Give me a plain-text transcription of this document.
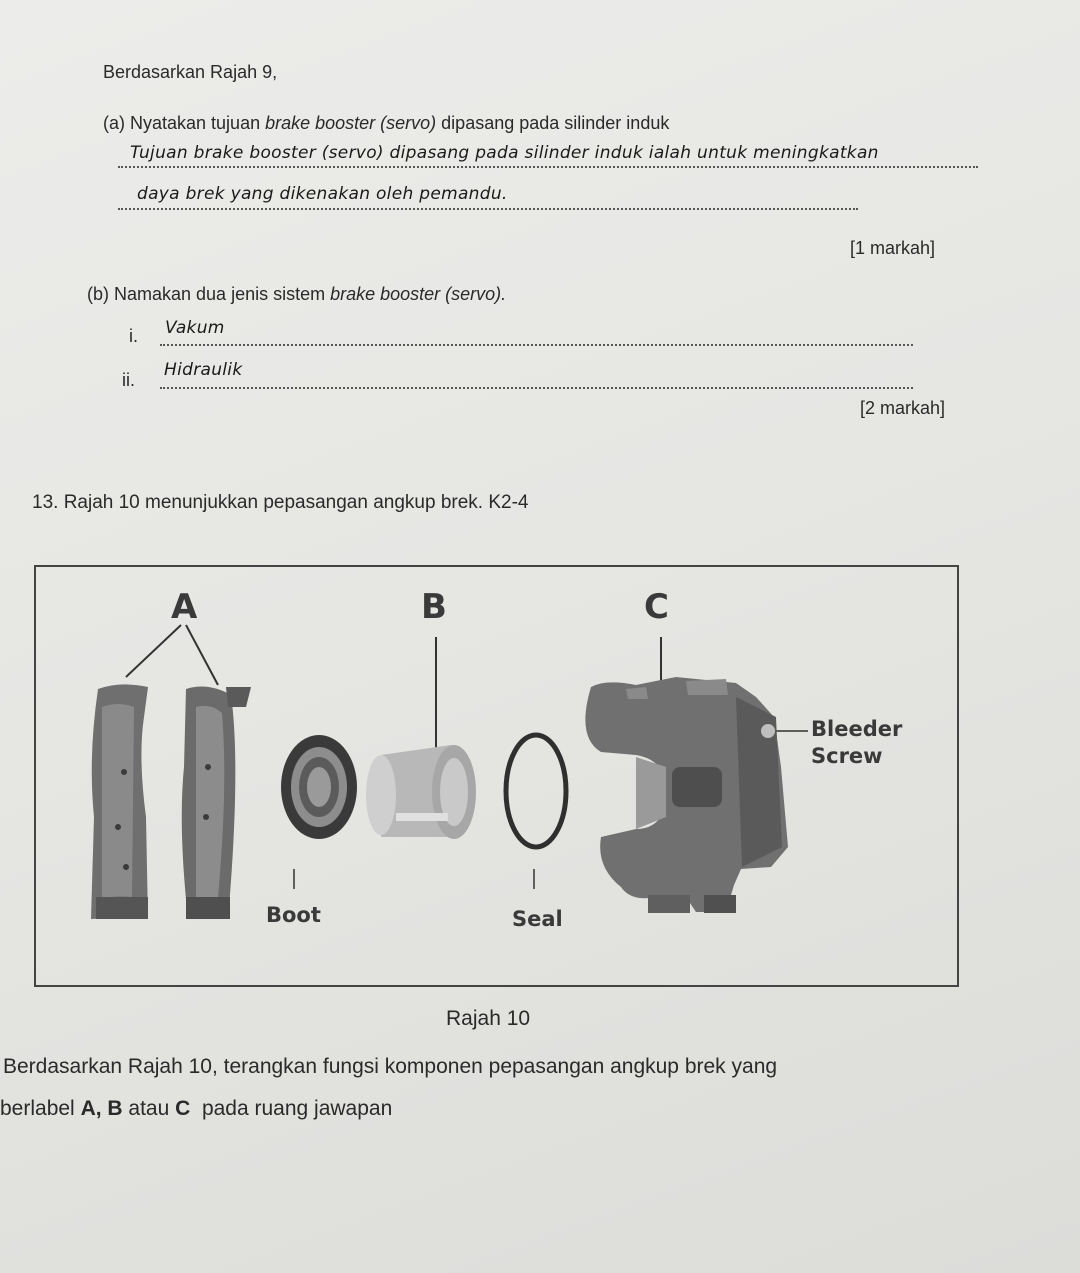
Berdasarkan Rajah 9,
(a) Nyatakan tujuan brake booster (servo) dipasang pada silinder induk
Tujuan brake booster (servo) dipasang pada silinder induk ialah untuk meningkatkan
daya brek yang dikenakan oleh pemandu.
[1 markah]
(b) Namakan dua jenis sistem brake booster (servo).
i. Vakum
ii. Hidraulik
[2 markah]
13. Rajah 10 menunjukkan pepasangan angkup brek. K2-4
A	B	C
Bleeder
Screw
Boot	Seal
Rajah 10
Berdasarkan Rajah 10, terangkan fungsi komponen pepasangan angkup brek yang
berlabel A, B atau C  pada ruang jawapan
